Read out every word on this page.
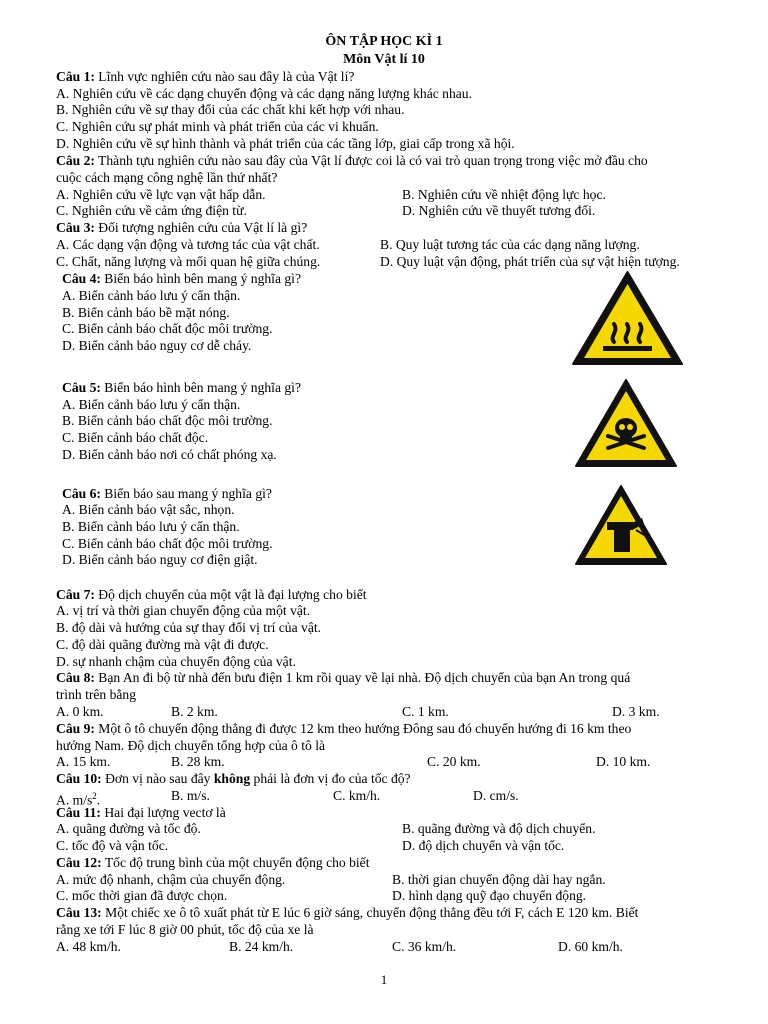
ÔN TẬP HỌC KÌ 1
Môn Vật lí 10
Câu 1: Lĩnh vực nghiên cứu nào sau đây là của Vật lí?
A. Nghiên cứu về các dạng chuyển động và các dạng năng lượng khác nhau.
B. Nghiên cứu về sự thay đổi của các chất khi kết hợp với nhau.
C. Nghiên cứu sự phát minh và phát triển của các vi khuẩn.
D. Nghiên cứu về sự hình thành và phát triển của các tầng lớp, giai cấp trong xã hội.
Câu 2: Thành tựu nghiên cứu nào sau đây của Vật lí được coi là có vai trò quan trọng trong việc mở đầu cho
cuộc cách mạng công nghệ lần thứ nhất?
A. Nghiên cứu về lực vạn vật hấp dẫn.	B. Nghiên cứu về nhiệt động lực học.
C. Nghiên cứu về cảm ứng điện từ.	D. Nghiên cứu về thuyết tương đối.
Câu 3: Đối tượng nghiên cứu của Vật lí là gì?
A. Các dạng vận động và tương tác của vật chất.	B. Quy luật tương tác của các dạng năng lượng.
C. Chất, năng lượng và mối quan hệ giữa chúng.	D. Quy luật vận động, phát triển của sự vật hiện tượng.
Câu 4: Biển báo hình bên mang ý nghĩa gì?
A. Biển cảnh báo lưu ý cẩn thận.
B. Biển cảnh báo bề mặt nóng.
C. Biển cảnh báo chất độc môi trường.
D. Biển cảnh báo nguy cơ dễ cháy.
Câu 5: Biển báo hình bên mang ý nghĩa gì?
A. Biển cảnh báo lưu ý cẩn thận.
B. Biển cảnh báo chất độc môi trường.
C. Biển cảnh báo chất độc.
D. Biển cảnh báo nơi có chất phóng xạ.
Câu 6: Biển báo sau mang ý nghĩa gì?
A. Biển cảnh báo vật sắc, nhọn.
B. Biển cảnh báo lưu ý cẩn thận.
C. Biển cảnh báo chất độc môi trường.
D. Biển cảnh báo nguy cơ điện giật.
Câu 7: Độ dịch chuyển của một vật là đại lượng cho biết
A. vị trí và thời gian chuyển động của một vật.
B. độ dài và hướng của sự thay đổi vị trí của vật.
C. độ dài quãng đường mà vật đi được.
D. sự nhanh chậm của chuyển động của vật.
Câu 8: Bạn An đi bộ từ nhà đến bưu điện 1 km rồi quay về lại nhà. Độ dịch chuyển của bạn An trong quá
trình trên bằng
A. 0 km.	B. 2 km.	C. 1 km.	D. 3 km.
Câu 9: Một ô tô chuyển động thẳng đi được 12 km theo hướng Đông sau đó chuyển hướng đi 16 km theo
hướng Nam. Độ dịch chuyển tổng hợp của ô tô là
A. 15 km.	B. 28 km.	C. 20 km.	D. 10 km.
Câu 10: Đơn vị nào sau đây không phải là đơn vị đo của tốc độ?
A. $m/s^2$.	B. m/s.	C. km/h.	D. cm/s.
Câu 11: Hai đại lượng vectơ là
A. quãng đường và tốc độ.	B. quãng đường và độ dịch chuyển.
C. tốc độ và vận tốc.	D. độ dịch chuyển và vận tốc.
Câu 12: Tốc độ trung bình của một chuyển động cho biết
A. mức độ nhanh, chậm của chuyển động.	B. thời gian chuyển động dài hay ngắn.
C. mốc thời gian đã được chọn.	D. hình dạng quỹ đạo chuyển động.
Câu 13: Một chiếc xe ô tô xuất phát từ E lúc 6 giờ sáng, chuyển động thẳng đều tới F, cách E 120 km. Biết
rằng xe tới F lúc 8 giờ 00 phút, tốc độ của xe là
A. 48 km/h.	B. 24 km/h.	C. 36 km/h.	D. 60 km/h.
1
